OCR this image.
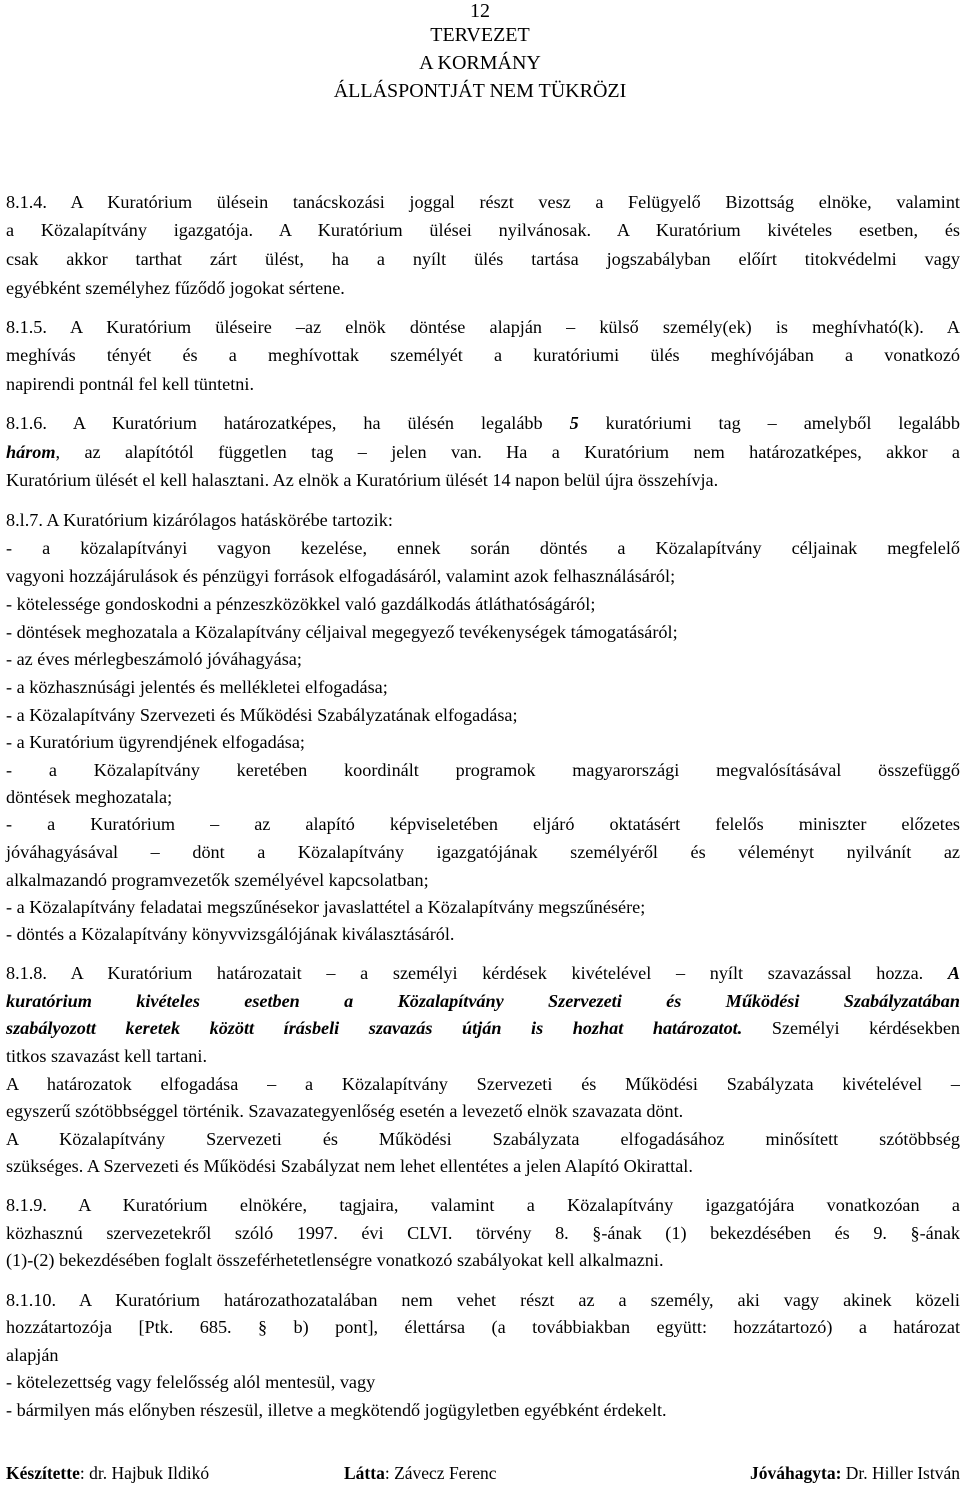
12
TERVEZET
A KORMÁNY
ÁLLÁSPONTJÁT NEM TÜKRÖZI
8.1.4. A Kuratórium ülésein tanácskozási joggal részt vesz a Felügyelő Bizottság elnöke, valamint
a Közalapítvány igazgatója. A Kuratórium ülései nyilvánosak. A Kuratórium kivételes esetben, és
csak akkor tarthat zárt ülést, ha a nyílt ülés tartása jogszabályban előírt titokvédelmi vagy
egyébként személyhez fűződő jogokat sértene.
8.1.5. A Kuratórium üléseire –az elnök döntése alapján – külső személy(ek) is meghívható(k). A
meghívás tényét és a meghívottak személyét a kuratóriumi ülés meghívójában a vonatkozó
napirendi pontnál fel kell tüntetni.
8.1.6. A Kuratórium határozatképes, ha ülésén legalább 5 kuratóriumi tag – amelyből legalább
három, az alapítótól független tag – jelen van. Ha a Kuratórium nem határozatképes, akkor a
Kuratórium ülését el kell halasztani. Az elnök a Kuratórium ülését 14 napon belül újra összehívja.
8.l.7. A Kuratórium kizárólagos hatáskörébe tartozik:
- a közalapítványi vagyon kezelése, ennek során döntés a Közalapítvány céljainak megfelelő
vagyoni hozzájárulások és pénzügyi források elfogadásáról, valamint azok felhasználásáról;
- kötelessége gondoskodni a pénzeszközökkel való gazdálkodás átláthatóságáról;
- döntések meghozatala a Közalapítvány céljaival megegyező tevékenységek támogatásáról;
- az éves mérlegbeszámoló jóváhagyása;
- a közhasznúsági jelentés és mellékletei elfogadása;
- a Közalapítvány Szervezeti és Működési Szabályzatának elfogadása;
- a Kuratórium ügyrendjének elfogadása;
- a Közalapítvány keretében koordinált programok magyarországi megvalósításával összefüggő
döntések meghozatala;
- a Kuratórium – az alapító képviseletében eljáró oktatásért felelős miniszter előzetes
jóváhagyásával – dönt a Közalapítvány igazgatójának személyéről és véleményt nyilvánít az
alkalmazandó programvezetők személyével kapcsolatban;
- a Közalapítvány feladatai megszűnésekor javaslattétel a Közalapítvány megszűnésére;
- döntés a Közalapítvány könyvvizsgálójának kiválasztásáról.
8.1.8. A Kuratórium határozatait – a személyi kérdések kivételével – nyílt szavazással hozza. A
kuratórium kivételes esetben a Közalapítvány Szervezeti és Működési Szabályzatában
szabályozott keretek között írásbeli szavazás útján is hozhat határozatot. Személyi kérdésekben
titkos szavazást kell tartani.
A határozatok elfogadása – a Közalapítvány Szervezeti és Működési Szabályzata kivételével –
egyszerű szótöbbséggel történik. Szavazategyenlőség esetén a levezető elnök szavazata dönt.
A Közalapítvány Szervezeti és Működési Szabályzata elfogadásához minősített szótöbbség
szükséges. A Szervezeti és Működési Szabályzat nem lehet ellentétes a jelen Alapító Okirattal.
8.1.9. A Kuratórium elnökére, tagjaira, valamint a Közalapítvány igazgatójára vonatkozóan a
közhasznú szervezetekről szóló 1997. évi CLVI. törvény 8. §-ának (1) bekezdésében és 9. §-ának
(1)-(2) bekezdésében foglalt összeférhetetlenségre vonatkozó szabályokat kell alkalmazni.
8.1.10. A Kuratórium határozathozatalában nem vehet részt az a személy, aki vagy akinek közeli
hozzátartozója [Ptk. 685. § b) pont], élettársa (a továbbiakban együtt: hozzátartozó) a határozat
alapján
- kötelezettség vagy felelősség alól mentesül, vagy
- bármilyen más előnyben részesül, illetve a megkötendő jogügyletben egyébként érdekelt.
Készítette: dr. Hajbuk Ildikó	Látta: Závecz Ferenc	Jóváhagyta: Dr. Hiller István
